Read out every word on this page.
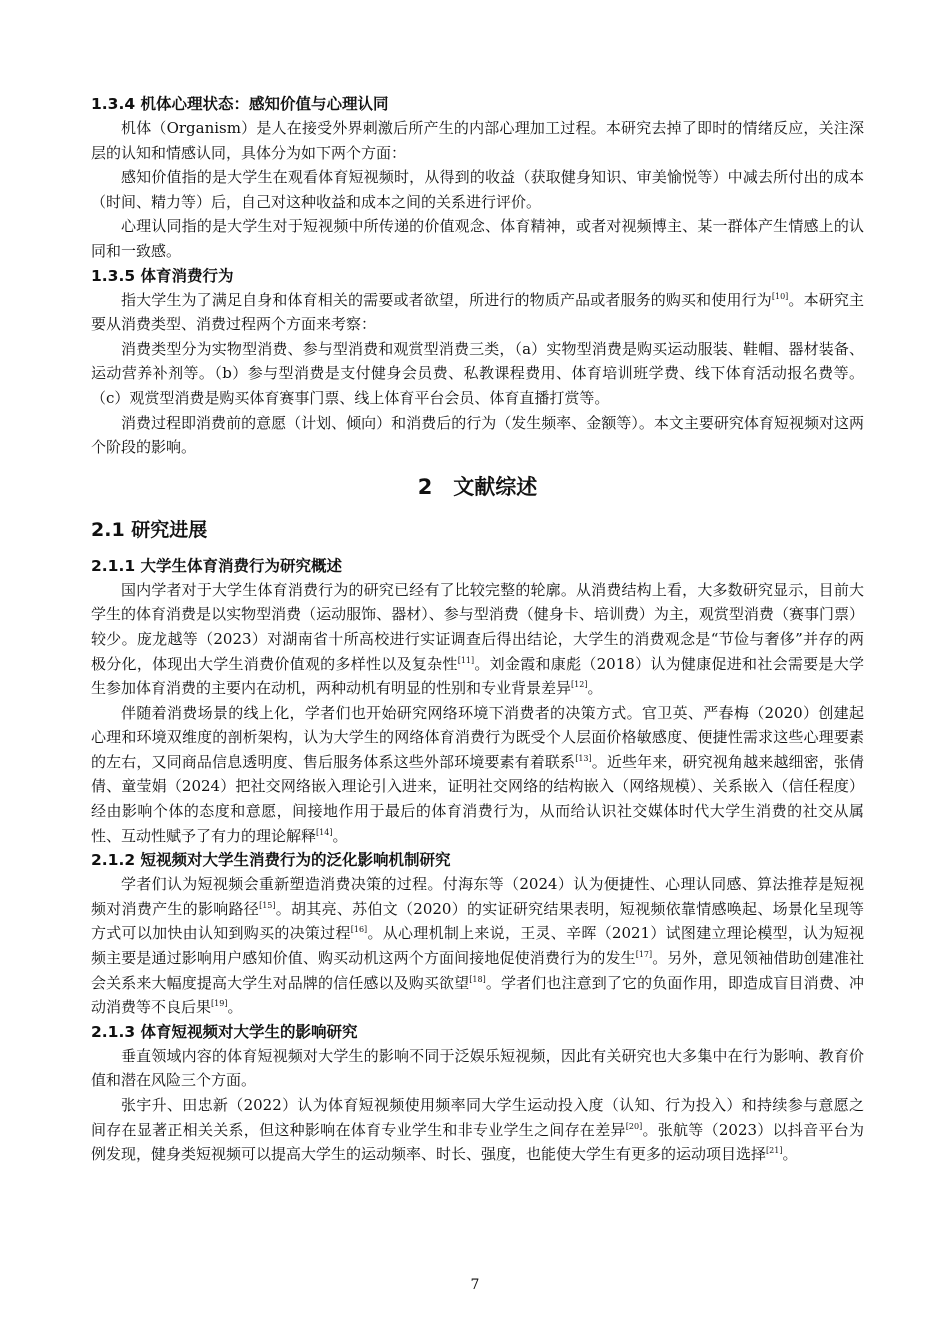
1.3.4 机体心理状态：感知价值与心理认同

机体（Organism）是人在接受外界刺激后所产生的内部心理加工过程。本研究去掉了即时的情绪反应，关注深层的认知和情感认同，具体分为如下两个方面：

感知价值指的是大学生在观看体育短视频时，从得到的收益（获取健身知识、审美愉悦等）中减去所付出的成本（时间、精力等）后，自己对这种收益和成本之间的关系进行评价。

心理认同指的是大学生对于短视频中所传递的价值观念、体育精神，或者对视频博主、某一群体产生情感上的认同和一致感。

1.3.5 体育消费行为

指大学生为了满足自身和体育相关的需要或者欲望，所进行的物质产品或者服务的购买和使用行为[10]。本研究主要从消费类型、消费过程两个方面来考察：

消费类型分为实物型消费、参与型消费和观赏型消费三类，（a）实物型消费是购买运动服装、鞋帽、器材装备、运动营养补剂等。（b）参与型消费是支付健身会员费、私教课程费用、体育培训班学费、线下体育活动报名费等。（c）观赏型消费是购买体育赛事门票、线上体育平台会员、体育直播打赏等。

消费过程即消费前的意愿（计划、倾向）和消费后的行为（发生频率、金额等）。本文主要研究体育短视频对这两个阶段的影响。

2　文献综述
2.1 研究进展
2.1.1 大学生体育消费行为研究概述

国内学者对于大学生体育消费行为的研究已经有了比较完整的轮廓。从消费结构上看，大多数研究显示，目前大学生的体育消费是以实物型消费（运动服饰、器材）、参与型消费（健身卡、培训费）为主，观赏型消费（赛事门票）较少。庞龙越等（2023）对湖南省十所高校进行实证调查后得出结论，大学生的消费观念是“节俭与奢侈”并存的两极分化，体现出大学生消费价值观的多样性以及复杂性[11]。刘金霞和康彪（2018）认为健康促进和社会需要是大学生参加体育消费的主要内在动机，两种动机有明显的性别和专业背景差异[12]。

伴随着消费场景的线上化，学者们也开始研究网络环境下消费者的决策方式。官卫英、严春梅（2020）创建起心理和环境双维度的剖析架构，认为大学生的网络体育消费行为既受个人层面价格敏感度、便捷性需求这些心理要素的左右，又同商品信息透明度、售后服务体系这些外部环境要素有着联系[13]。近些年来，研究视角越来越细密，张倩倩、童莹娟（2024）把社交网络嵌入理论引入进来，证明社交网络的结构嵌入（网络规模）、关系嵌入（信任程度）经由影响个体的态度和意愿，间接地作用于最后的体育消费行为，从而给认识社交媒体时代大学生消费的社交从属性、互动性赋予了有力的理论解释[14]。

2.1.2 短视频对大学生消费行为的泛化影响机制研究

学者们认为短视频会重新塑造消费决策的过程。付海东等（2024）认为便捷性、心理认同感、算法推荐是短视频对消费产生的影响路径[15]。胡其亮、苏伯文（2020）的实证研究结果表明，短视频依靠情感唤起、场景化呈现等方式可以加快由认知到购买的决策过程[16]。从心理机制上来说，王灵、辛晖（2021）试图建立理论模型，认为短视频主要是通过影响用户感知价值、购买动机这两个方面间接地促使消费行为的发生[17]。另外，意见领袖借助创建准社会关系来大幅度提高大学生对品牌的信任感以及购买欲望[18]。学者们也注意到了它的负面作用，即造成盲目消费、冲动消费等不良后果[19]。

2.1.3 体育短视频对大学生的影响研究

垂直领域内容的体育短视频对大学生的影响不同于泛娱乐短视频，因此有关研究也大多集中在行为影响、教育价值和潜在风险三个方面。

张宇升、田忠新（2022）认为体育短视频使用频率同大学生运动投入度（认知、行为投入）和持续参与意愿之间存在显著正相关关系，但这种影响在体育专业学生和非专业学生之间存在差异[20]。张航等（2023）以抖音平台为例发现，健身类短视频可以提高大学生的运动频率、时长、强度，也能使大学生有更多的运动项目选择[21]。

7
